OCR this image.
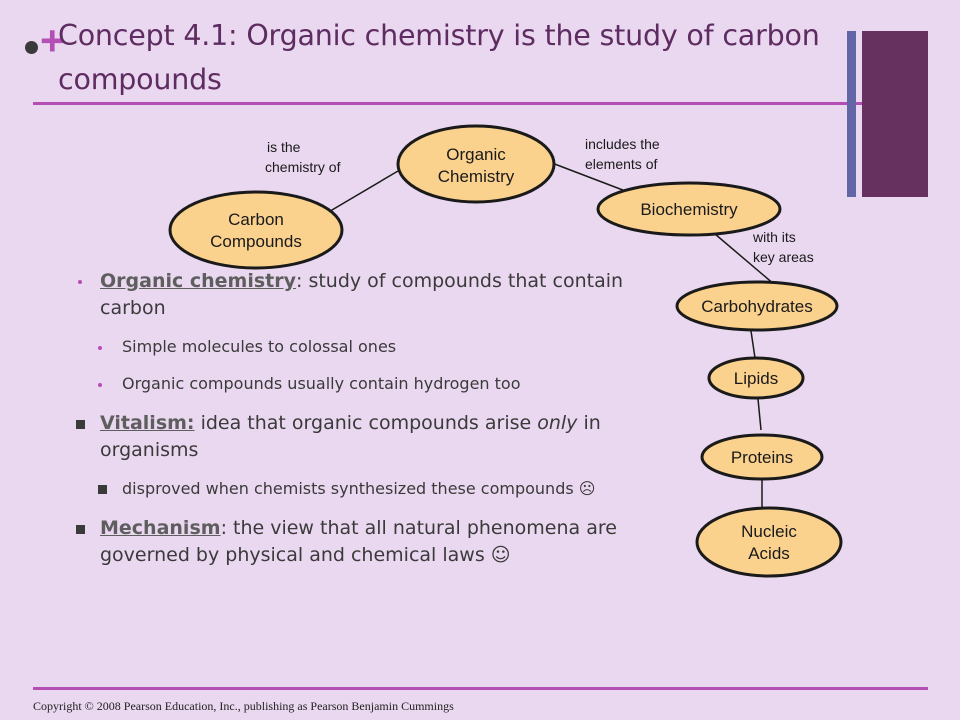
+
Concept 4.1: Organic chemistry is the study of carbon compounds
Organic
Chemistry
Carbon
Compounds
Biochemistry
Carbohydrates
Lipids
Proteins
Nucleic
Acids
is the
chemistry of
includes the
elements of
with its
key areas
Organic chemistry: study of compounds that contain carbon
Simple molecules to colossal ones
Organic compounds usually contain hydrogen too
Vitalism: idea that organic compounds arise only in organisms
disproved when chemists synthesized these compounds ☹
Mechanism: the view that all natural phenomena are governed by physical and chemical laws ☺
Copyright © 2008 Pearson Education, Inc., publishing as Pearson Benjamin Cummings
